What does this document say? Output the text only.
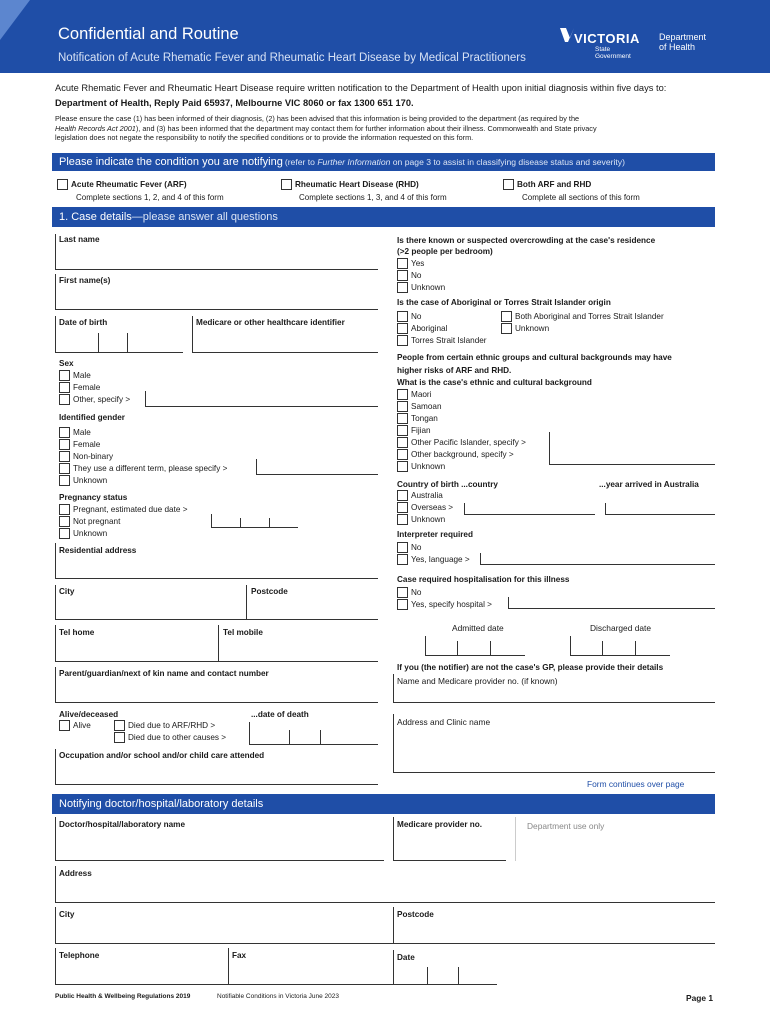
Confidential and Routine
Notification of Acute Rhematic Fever and Rheumatic Heart Disease by Medical Practitioners
VICTORIA
State
Government
Department
of Health
Acute Rhematic Fever and Rheumatic Heart Disease require written notification to the Department of Health upon initial diagnosis within five days to:
Department of Health, Reply Paid 65937, Melbourne VIC 8060 or fax 1300 651 170.
Please ensure the case (1) has been informed of their diagnosis, (2) has been advised that this information is being provided to the department (as required by the
Health Records Act 2001), and (3) has been informed that the department may contact them for further information about their illness. Commonwealth and State privacy
legislation does not negate the responsibility to notify the specified conditions or to provide the information requested on this form.
Please indicate the condition you are notifying (refer to Further Information on page 3 to assist in classifying disease status and severity)
Acute Rheumatic Fever (ARF)
Complete sections 1, 2, and 4 of this form
Rheumatic Heart Disease (RHD)
Complete sections 1, 3, and 4 of this form
Both ARF and RHD
Complete all sections of this form
1. Case details —please answer all questions
Last name
First name(s)
Date of birth	Medicare or other healthcare identifier
Sex
Male
Female
Other, specify >
Identified gender
Male
Female
Non-binary
They use a different term, please specify >
Unknown
Pregnancy status
Pregnant, estimated due date >
Not pregnant
Unknown
Residential address
City	Postcode
Tel home	Tel mobile
Parent/guardian/next of kin name and contact number
Alive/deceased
Alive
...date of death
Died due to ARF/RHD >
Died due to other causes >
Occupation and/or school and/or child care attended
Is there known or suspected overcrowding at the case's residence
(>2 people per bedroom)
Yes
No
Unknown
Is the case of Aboriginal or Torres Strait Islander origin
No
Aboriginal
Torres Strait Islander
Both Aboriginal and Torres Strait Islander
Unknown
People from certain ethnic groups and cultural backgrounds may have
higher risks of ARF and RHD.
What is the case's ethnic and cultural background
Maori
Samoan
Tongan
Fijian
Other Pacific Islander, specify >
Other background, specify >
Unknown
Country of birth ...country	...year arrived in Australia
Australia
Overseas >
Unknown
Interpreter required
No
Yes, language >
Case required hospitalisation for this illness
No
Yes, specify hospital >
Admitted date	Discharged date
If you (the notifier) are not the case's GP, please provide their details
Name and Medicare provider no. (if known)
Address and Clinic name
Form continues over page
Notifying doctor/hospital/laboratory details
Doctor/hospital/laboratory name	Medicare provider no.	Department use only
Address
City	Postcode
Telephone	Fax	Date
Public Health & Wellbeing Regulations 2019	Notifiable Conditions in Victoria June 2023	Page 1
